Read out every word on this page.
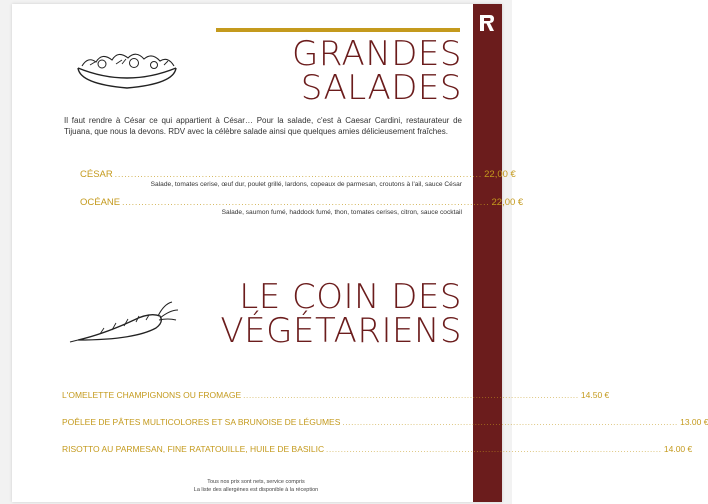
GRANDES
SALADES

Il faut rendre à César ce qui appartient à César… Pour la salade, c'est à Caesar Cardini, restaurateur de Tijuana, que nous la devons. RDV avec la célèbre salade ainsi que quelques amies délicieusement fraîches.

CÉSAR .................................................................................................................. 22,00 €
Salade, tomates cerise, œuf dur, poulet grillé, lardons, copeaux de parmesan, croutons à l'ail, sauce César
OCÉANE .................................................................................................................. 22,00 €
Salade, saumon fumé, haddock fumé, thon, tomates cerises, citron, sauce cocktail
LE COIN DES
VÉGÉTARIENS
L'OMELETTE CHAMPIGNONS OU FROMAGE .................................................................................................................. 14.50 €
POÊLEE DE PÂTES MULTICOLORES ET SA BRUNOISE DE LÉGUMES .................................................................................................................. 13.00 €
RISOTTO AU PARMESAN, FINE RATATOUILLE, HUILE DE BASILIC .................................................................................................................. 14.00 €
Tous nos prix sont nets, service compris
La liste des allergènes est disponible à la réception
